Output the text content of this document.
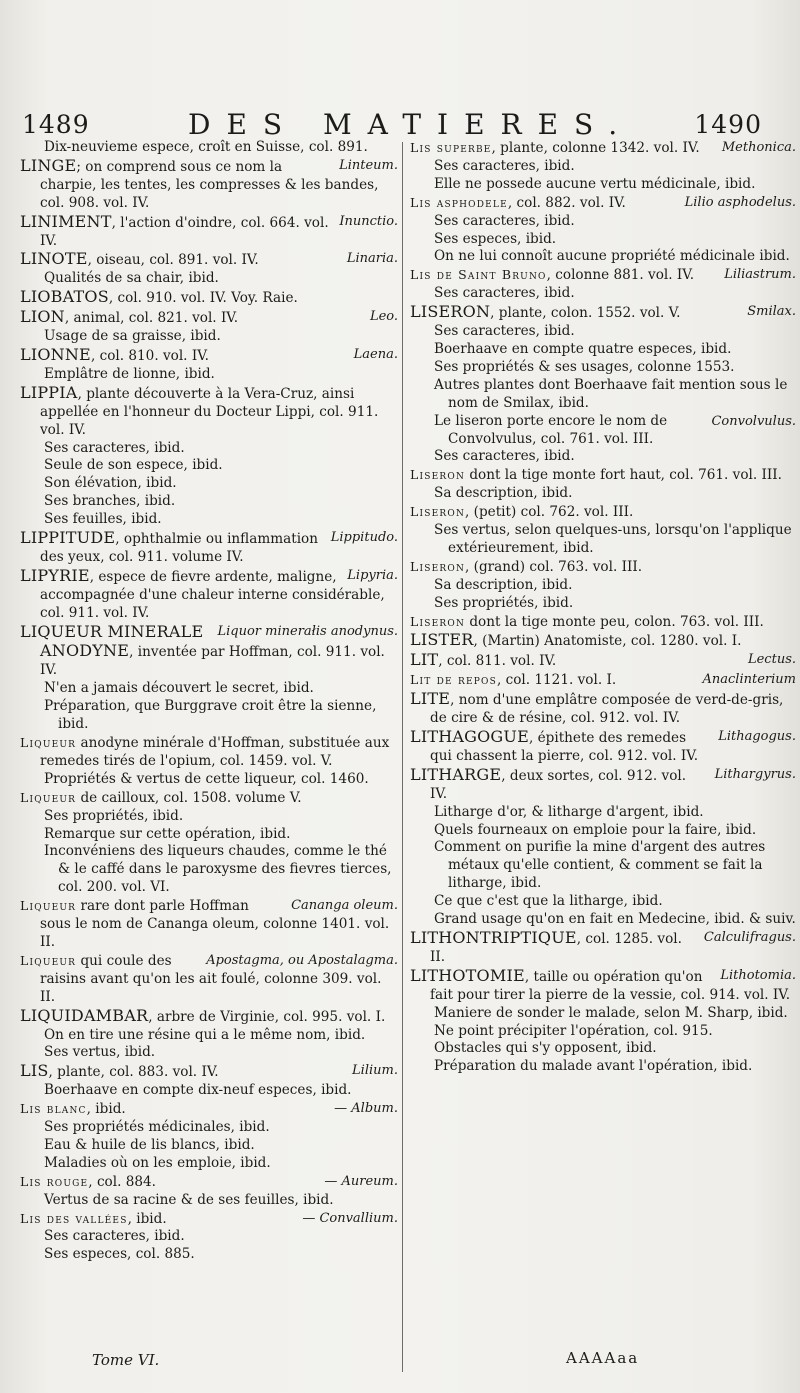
1489	DES MATIERES. 1490
Dix-neuvieme espece, croît en Suisse, col. 891.
Linteum.
LINGE; on comprend sous ce nom la charpie, les tentes, les compresses & les bandes, col. 908. vol. IV.
Inunctio.
LINIMENT, l'action d'oindre, col. 664. vol. IV.
Linaria.
LINOTE, oiseau, col. 891. vol. IV.
Qualités de sa chair, ibid.
LIOBATOS, col. 910. vol. IV. Voy. Raie.
Leo.
LION, animal, col. 821. vol. IV.
Usage de sa graisse, ibid.
Laena.
LIONNE, col. 810. vol. IV.
Emplâtre de lionne, ibid.
LIPPIA, plante découverte à la Vera-Cruz, ainsi appellée en l'honneur du Docteur Lippi, col. 911. vol. IV.
Ses caracteres, ibid.
Seule de son espece, ibid.
Son élévation, ibid.
Ses branches, ibid.
Ses feuilles, ibid.
Lippitudo.
LIPPITUDE, ophthalmie ou inflammation des yeux, col. 911. volume IV.
Lipyria.
LIPYRIE, espece de fievre ardente, maligne, accompagnée d'une chaleur interne considérable, col. 911. vol. IV.
Liquor minerałis anodynus.
LIQUEUR MINERALE ANODYNE, inventée par Hoffman, col. 911. vol. IV.
N'en a jamais découvert le secret, ibid.
Préparation, que Burggrave croit être la sienne, ibid.
Liqueur anodyne minérale d'Hoffman, substituée aux remedes tirés de l'opium, col. 1459. vol. V.
Propriétés & vertus de cette liqueur, col. 1460.
Liqueur de cailloux, col. 1508. volume V.
Ses propriétés, ibid.
Remarque sur cette opération, ibid.
Inconvéniens des liqueurs chaudes, comme le thé & le caffé dans le paroxysme des fievres tierces, col. 200. vol. VI.
Cananga oleum.
Liqueur rare dont parle Hoffman sous le nom de Cananga oleum, colonne 1401. vol. II.
Apostagma, ou Apostalagma.
Liqueur qui coule des raisins avant qu'on les ait foulé, colonne 309. vol. II.
LIQUIDAMBAR, arbre de Virginie, col. 995. vol. I.
On en tire une résine qui a le même nom, ibid.
Ses vertus, ibid.
Lilium.
LIS, plante, col. 883. vol. IV.
Boerhaave en compte dix-neuf especes, ibid.
— Album.
Lis blanc, ibid.
Ses propriétés médicinales, ibid.
Eau & huile de lis blancs, ibid.
Maladies où on les emploie, ibid.
— Aureum.
Lis rouge, col. 884.
Vertus de sa racine & de ses feuilles, ibid.
— Convallium.
Lis des vallées, ibid.
Ses caracteres, ibid.
Ses especes, col. 885.
Methonica.
Lis superbe, plante, colonne 1342. vol. IV.
Ses caracteres, ibid.
Elle ne possede aucune vertu médicinale, ibid.
Lilio asphodelus.
Lis asphodele, col. 882. vol. IV.
Ses caracteres, ibid.
Ses especes, ibid.
On ne lui connoît aucune propriété médicinale ibid.
Liliastrum.
Lis de Saint Bruno, colonne 881. vol. IV.
Ses caracteres, ibid.
Smilax.
LISERON, plante, colon. 1552. vol. V.
Ses caracteres, ibid.
Boerhaave en compte quatre especes, ibid.
Ses propriétés & ses usages, colonne 1553.
Autres plantes dont Boerhaave fait mention sous le nom de Smilax, ibid.
Convolvulus.
Le liseron porte encore le nom de Convolvulus, col. 761. vol. III.
Ses caracteres, ibid.
Liseron dont la tige monte fort haut, col. 761. vol. III.
Sa description, ibid.
Liseron, (petit) col. 762. vol. III.
Ses vertus, selon quelques-uns, lorsqu'on l'applique extérieurement, ibid.
Liseron, (grand) col. 763. vol. III.
Sa description, ibid.
Ses propriétés, ibid.
Liseron dont la tige monte peu, colon. 763. vol. III.
LISTER, (Martin) Anatomiste, col. 1280. vol. I.
Lectus.
LIT, col. 811. vol. IV.
Anaclinterium
Lit de repos, col. 1121. vol. I.
LITE, nom d'une emplâtre composée de verd-de-gris, de cire & de résine, col. 912. vol. IV.
Lithagogus.
LITHAGOGUE, épithete des remedes qui chassent la pierre, col. 912. vol. IV.
Lithargyrus.
LITHARGE, deux sortes, col. 912. vol. IV.
Litharge d'or, & litharge d'argent, ibid.
Quels fourneaux on emploie pour la faire, ibid.
Comment on purifie la mine d'argent des autres métaux qu'elle contient, & comment se fait la litharge, ibid.
Ce que c'est que la litharge, ibid.
Grand usage qu'on en fait en Medecine, ibid. & suiv.
Calculifragus.
LITHONTRIPTIQUE, col. 1285. vol. II.
Lithotomia.
LITHOTOMIE, taille ou opération qu'on fait pour tirer la pierre de la vessie, col. 914. vol. IV.
Maniere de sonder le malade, selon M. Sharp, ibid.
Ne point précipiter l'opération, col. 915.
Obstacles qui s'y opposent, ibid.
Préparation du malade avant l'opération, ibid.
Tome VI.	AAAAaa
